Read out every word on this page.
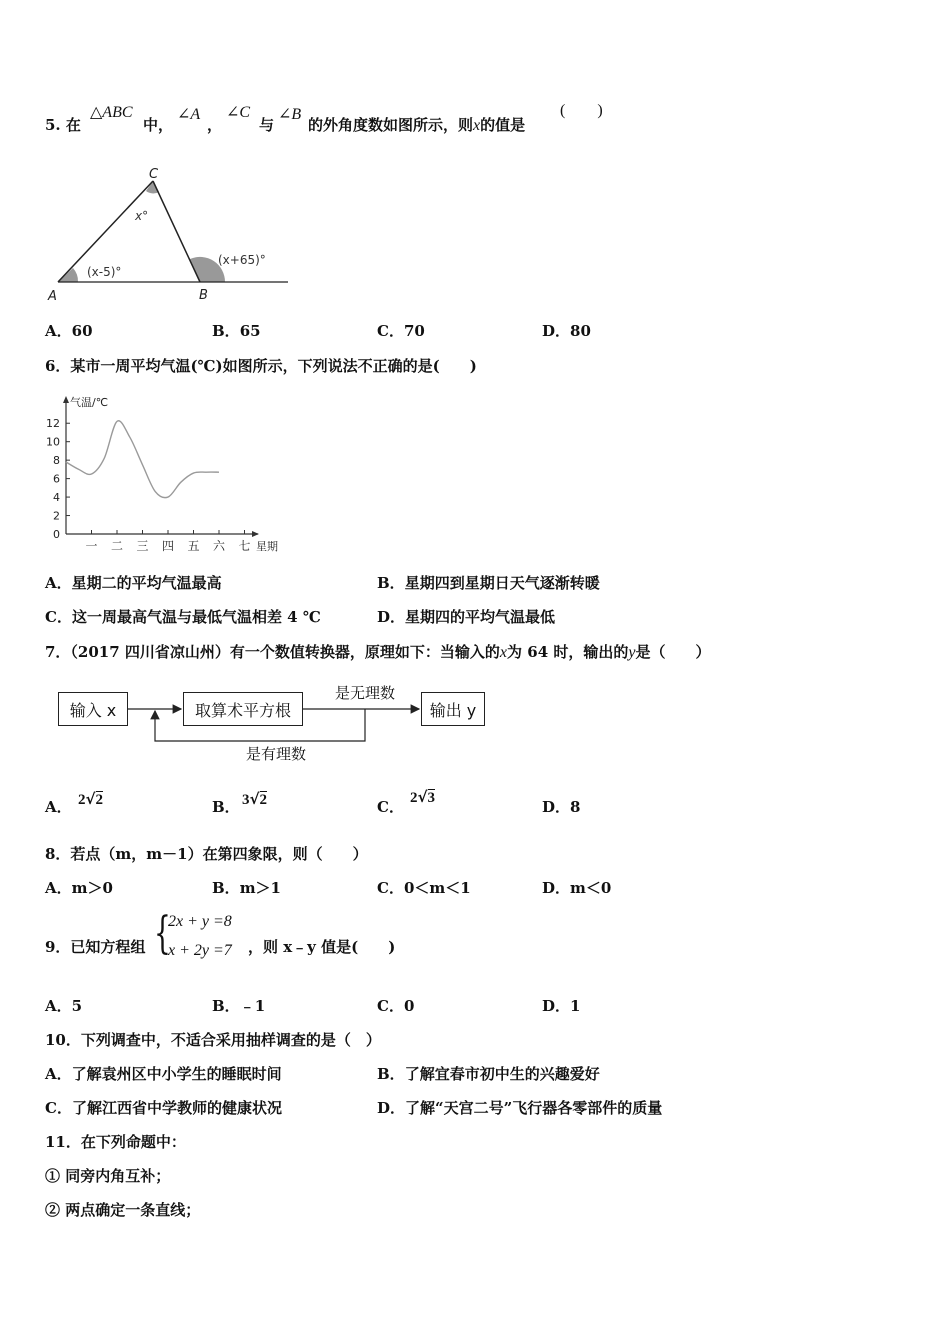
5. 在
△ABC
中，
∠A
，
∠C
与
∠B
的外角度数如图所示，则x的值是
(　　)
C
A	B
x°
(x-5)°
(x+65)°
A．60	B．65	C．70	D．80
6．某市一周平均气温(℃)如图所示，下列说法不正确的是(　　)
0
2
4
6
8
10
12
气温/℃
一 二 三 四 五 六 七 星期
A．星期二的平均气温最高	B．星期四到星期日天气逐渐转暖
C．这一周最高气温与最低气温相差 4 ℃	D．星期四的平均气温最低
7．（2017 四川省凉山州）有一个数值转换器，原理如下：当输入的x为 64 时，输出的y是（　　）
输入 x	取算术平方根	输出 y
是无理数
是有理数
A． 2√2	B． 3√2	C． 2√3	D．8
8．若点（m，m－1）在第四象限，则（　　）
A．m＞0	B．m＞1	C．0＜m＜1	D．m＜0
9．已知方程组 {
2x + y =8
x + 2y =7 ，则 x﹣y 值是(　　)
A．5	B．﹣1	C．0	D．1
10．下列调查中，不适合采用抽样调查的是（　）
A．了解袁州区中小学生的睡眠时间	B．了解宜春市初中生的兴趣爱好
C．了解江西省中学教师的健康状况	D．了解“天宫二号”飞行器各零部件的质量
11．在下列命题中：
① 同旁内角互补；
② 两点确定一条直线；
